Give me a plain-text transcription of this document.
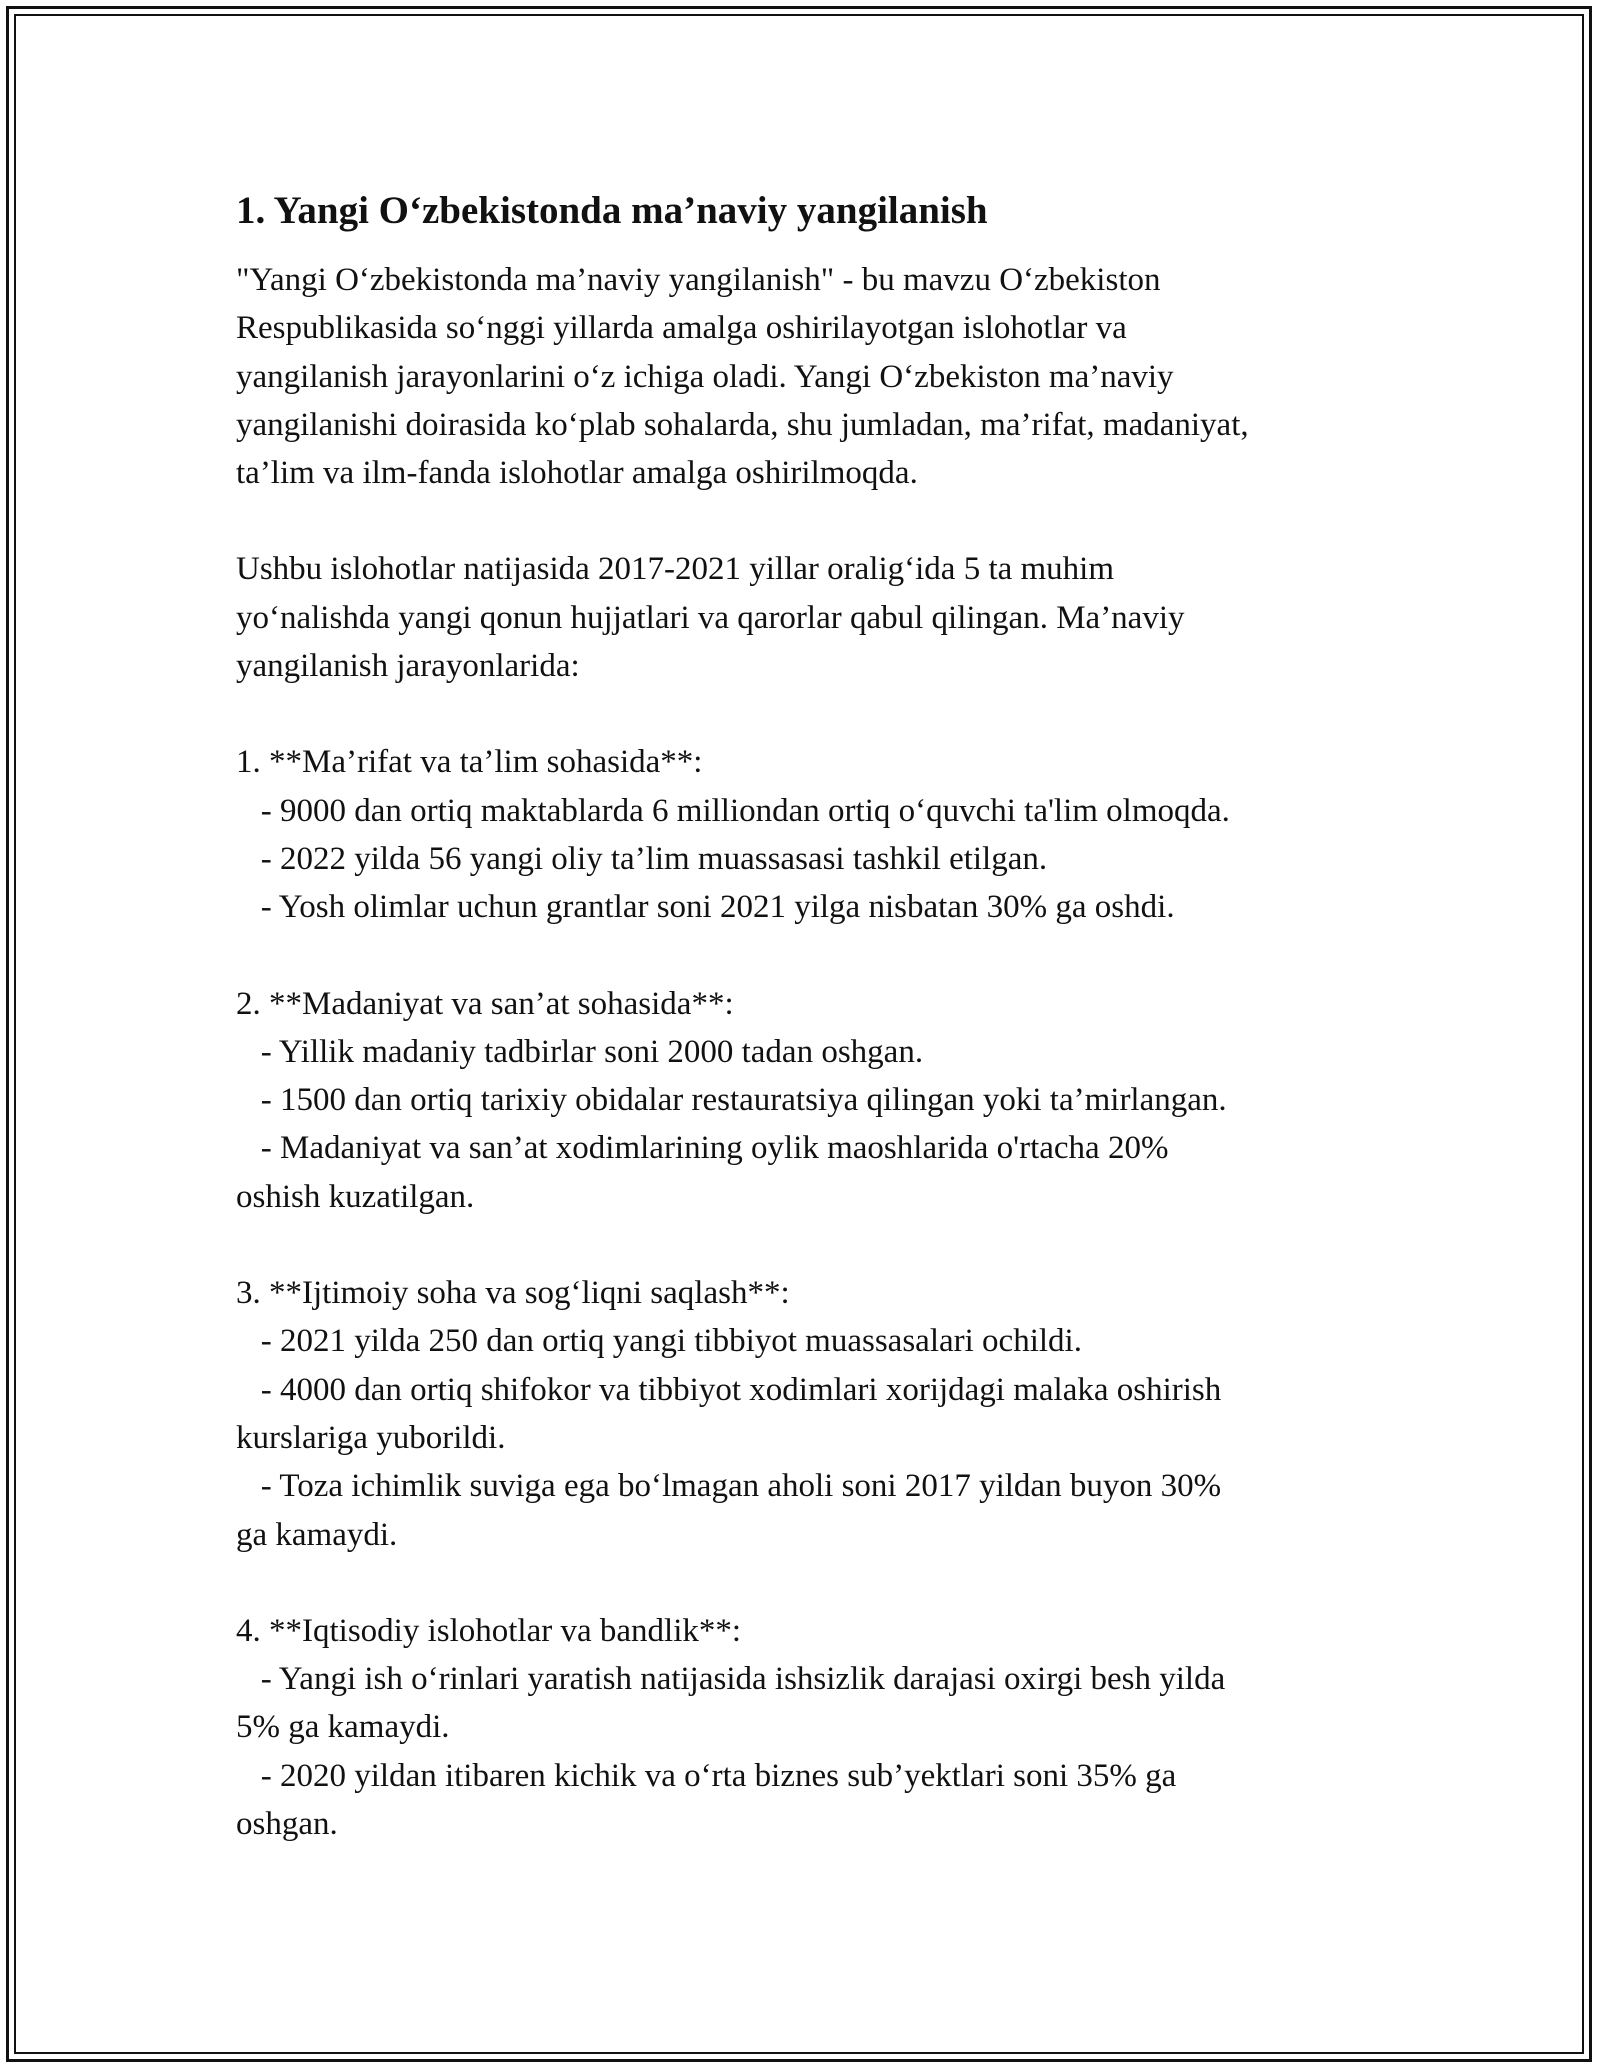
1. Yangi O‘zbekistonda ma’naviy yangilanish

"Yangi O‘zbekistonda ma’naviy yangilanish" - bu mavzu O‘zbekiston
Respublikasida so‘nggi yillarda amalga oshirilayotgan islohotlar va
yangilanish jarayonlarini o‘z ichiga oladi. Yangi O‘zbekiston ma’naviy
yangilanishi doirasida ko‘plab sohalarda, shu jumladan, ma’rifat, madaniyat,
ta’lim va ilm-fanda islohotlar amalga oshirilmoqda.

Ushbu islohotlar natijasida 2017-2021 yillar oralig‘ida 5 ta muhim
yo‘nalishda yangi qonun hujjatlari va qarorlar qabul qilingan. Ma’naviy
yangilanish jarayonlarida:

1. **Ma’rifat va ta’lim sohasida**:

- 9000 dan ortiq maktablarda 6 milliondan ortiq o‘quvchi ta'lim olmoqda.

- 2022 yilda 56 yangi oliy ta’lim muassasasi tashkil etilgan.

- Yosh olimlar uchun grantlar soni 2021 yilga nisbatan 30% ga oshdi.

2. **Madaniyat va san’at sohasida**:

- Yillik madaniy tadbirlar soni 2000 tadan oshgan.

- 1500 dan ortiq tarixiy obidalar restauratsiya qilingan yoki ta’mirlangan.

- Madaniyat va san’at xodimlarining oylik maoshlarida o'rtacha 20%
oshish kuzatilgan.

3. **Ijtimoiy soha va sog‘liqni saqlash**:

- 2021 yilda 250 dan ortiq yangi tibbiyot muassasalari ochildi.

- 4000 dan ortiq shifokor va tibbiyot xodimlari xorijdagi malaka oshirish
kurslariga yuborildi.

- Toza ichimlik suviga ega bo‘lmagan aholi soni 2017 yildan buyon 30%
ga kamaydi.

4. **Iqtisodiy islohotlar va bandlik**:

- Yangi ish o‘rinlari yaratish natijasida ishsizlik darajasi oxirgi besh yilda
5% ga kamaydi.

- 2020 yildan itibaren kichik va o‘rta biznes sub’yektlari soni 35% ga
oshgan.
